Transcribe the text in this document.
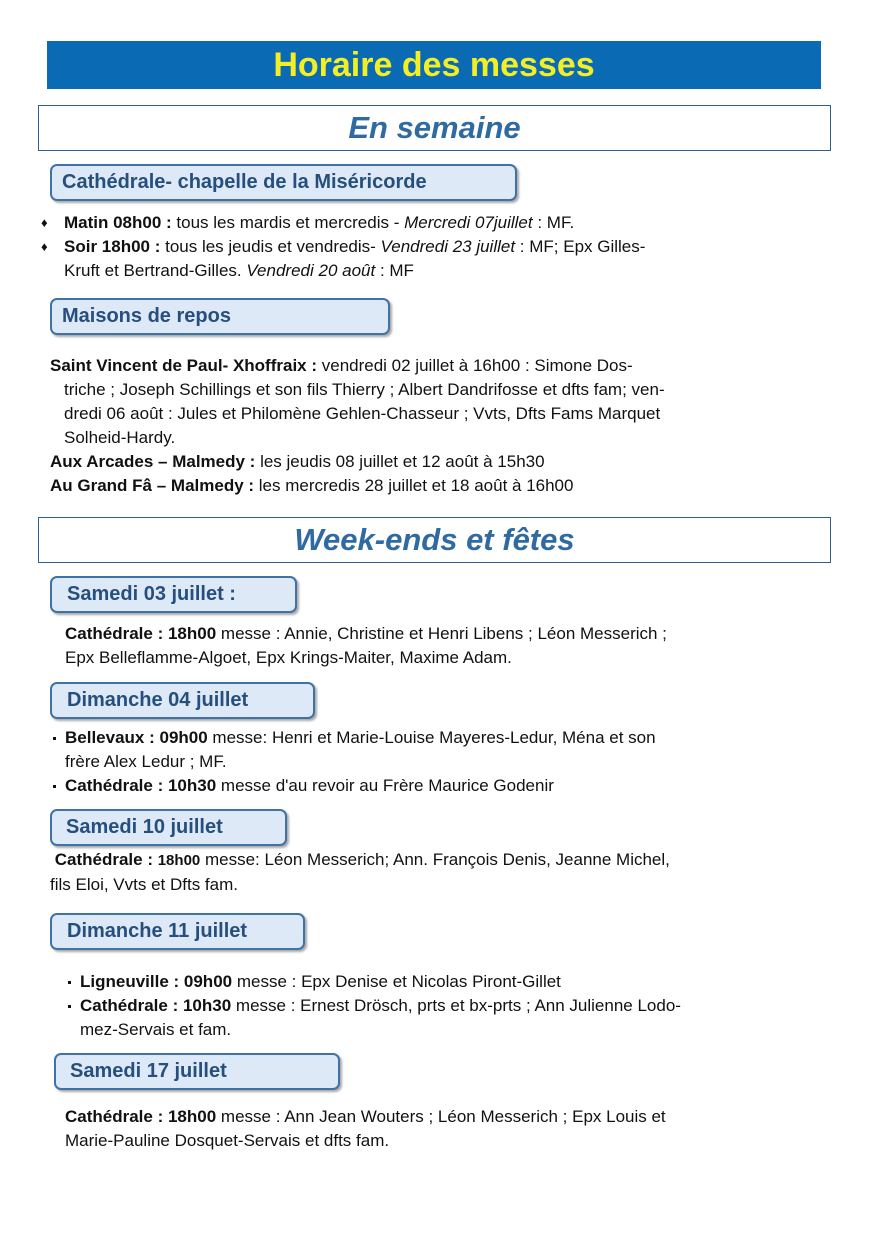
Horaire des messes
En semaine
Cathédrale- chapelle de la Miséricorde
♦ Matin 08h00 : tous les mardis et mercredis - Mercredi 07juillet : MF.
♦ Soir 18h00 : tous les jeudis et vendredis- Vendredi 23 juillet : MF; Epx Gilles-
Kruft et Bertrand-Gilles. Vendredi 20 août : MF
Maisons de repos
Saint Vincent de Paul- Xhoffraix : vendredi 02 juillet à 16h00 : Simone Dos-
triche ; Joseph Schillings et son fils Thierry ; Albert Dandrifosse et dfts fam; ven-
dredi 06 août : Jules et Philomène Gehlen-Chasseur ; Vvts, Dfts Fams Marquet
Solheid-Hardy.
Aux Arcades – Malmedy : les jeudis 08 juillet et 12 août à 15h30
Au Grand Fâ – Malmedy : les mercredis 28 juillet et 18 août à 16h00
Week-ends et fêtes
Samedi 03 juillet :
Cathédrale : 18h00 messe : Annie, Christine et Henri Libens ; Léon Messerich ;
Epx Belleflamme-Algoet, Epx Krings-Maiter, Maxime Adam.
Dimanche 04 juillet
Bellevaux : 09h00 messe: Henri et Marie-Louise Mayeres-Ledur, Ména et son
frère Alex Ledur ; MF.
Cathédrale : 10h30 messe d'au revoir au Frère Maurice Godenir
Samedi 10 juillet
Cathédrale : 18h00 messe: Léon Messerich; Ann. François Denis, Jeanne Michel,
fils Eloi, Vvts et Dfts fam.
Dimanche 11 juillet
Ligneuville : 09h00 messe : Epx Denise et Nicolas Piront-Gillet
Cathédrale : 10h30 messe : Ernest Drösch, prts et bx-prts ; Ann Julienne Lodo-
mez-Servais et fam.
Samedi 17 juillet
Cathédrale : 18h00 messe : Ann Jean Wouters ; Léon Messerich ; Epx Louis et
Marie-Pauline Dosquet-Servais et dfts fam.
